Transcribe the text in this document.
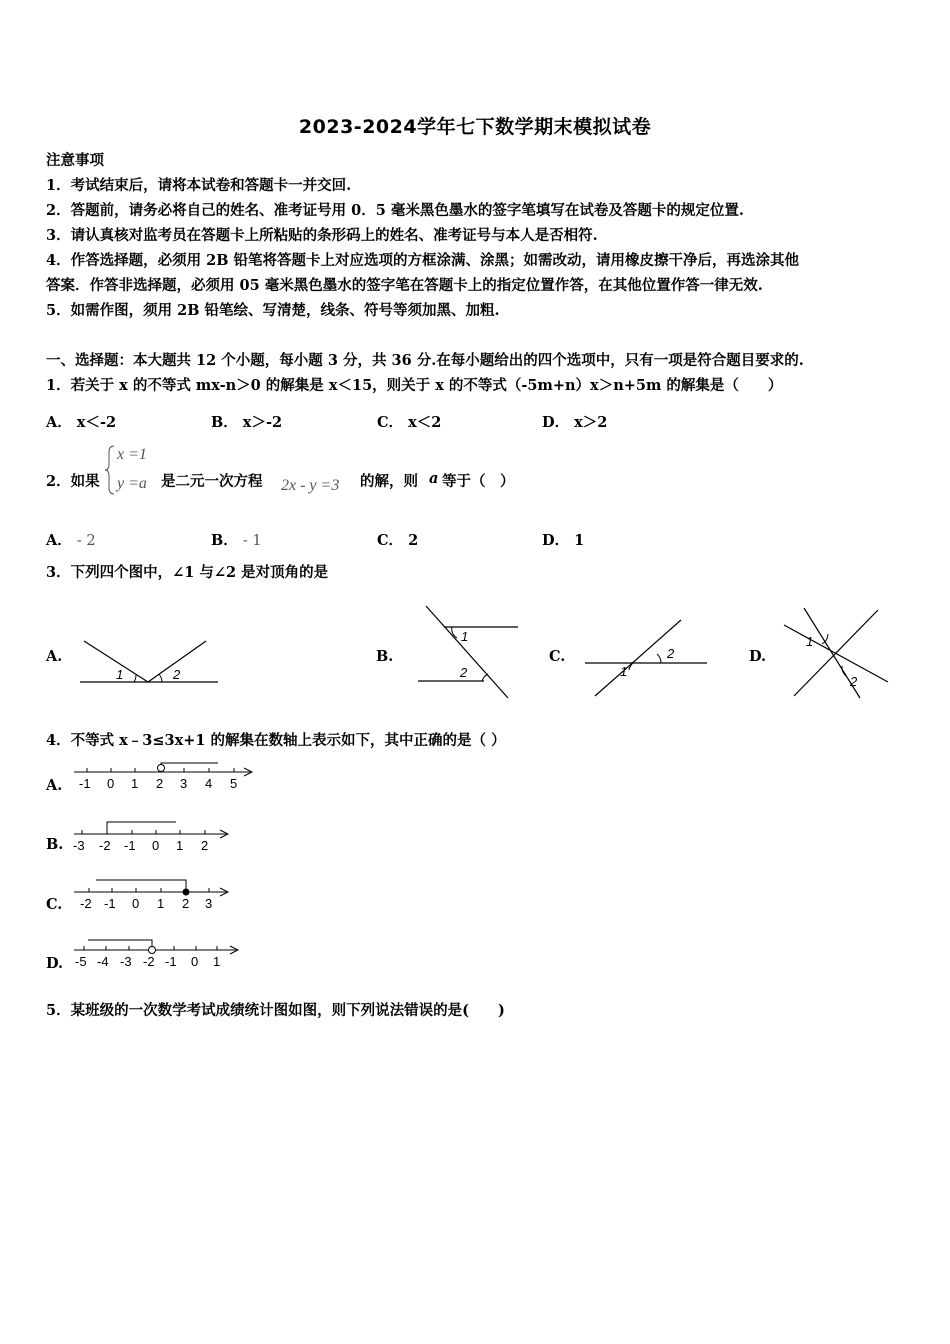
2023-2024学年七下数学期末模拟试卷
注意事项
1．考试结束后，请将本试卷和答题卡一并交回.
2．答题前，请务必将自己的姓名、准考证号用 0．5 毫米黑色墨水的签字笔填写在试卷及答题卡的规定位置.
3．请认真核对监考员在答题卡上所粘贴的条形码上的姓名、准考证号与本人是否相符.
4．作答选择题，必须用 2B 铅笔将答题卡上对应选项的方框涂满、涂黑；如需改动，请用橡皮擦干净后，再选涂其他
答案．作答非选择题，必须用 05 毫米黑色墨水的签字笔在答题卡上的指定位置作答，在其他位置作答一律无效.
5．如需作图，须用 2B 铅笔绘、写清楚，线条、符号等须加黑、加粗.
一、选择题：本大题共 12 个小题，每小题 3 分，共 36 分.在每小题给出的四个选项中，只有一项是符合题目要求的.
1．若关于 x 的不等式 mx-n＞0 的解集是 x＜15，则关于 x 的不等式（-5m+n）x＞n+5m 的解集是（　　）
A． x＜-2	B． x＞-2	C． x＜2	D． x＞2
2．如果
x =1
y =a 是二元一次方程 2x - y =3 的解，则 a 等于（　）
A． - 2	B． - 1	C． 2	D． 1
3．下列四个图中，∠1 与∠2 是对顶角的是
A.
1	2
B.
1
2
C.
1
2	D.
1
2
4．不等式 x﹣3≤3x+1 的解集在数轴上表示如下，其中正确的是（ ）
A. -1 0 1 2 3 4 5
B. -3 -2 -1 0 1 2
C. -2 -1 0 1 2 3
D. -5 -4 -3 -2 -1 0 1
5．某班级的一次数学考试成绩统计图如图，则下列说法错误的是(　　)
